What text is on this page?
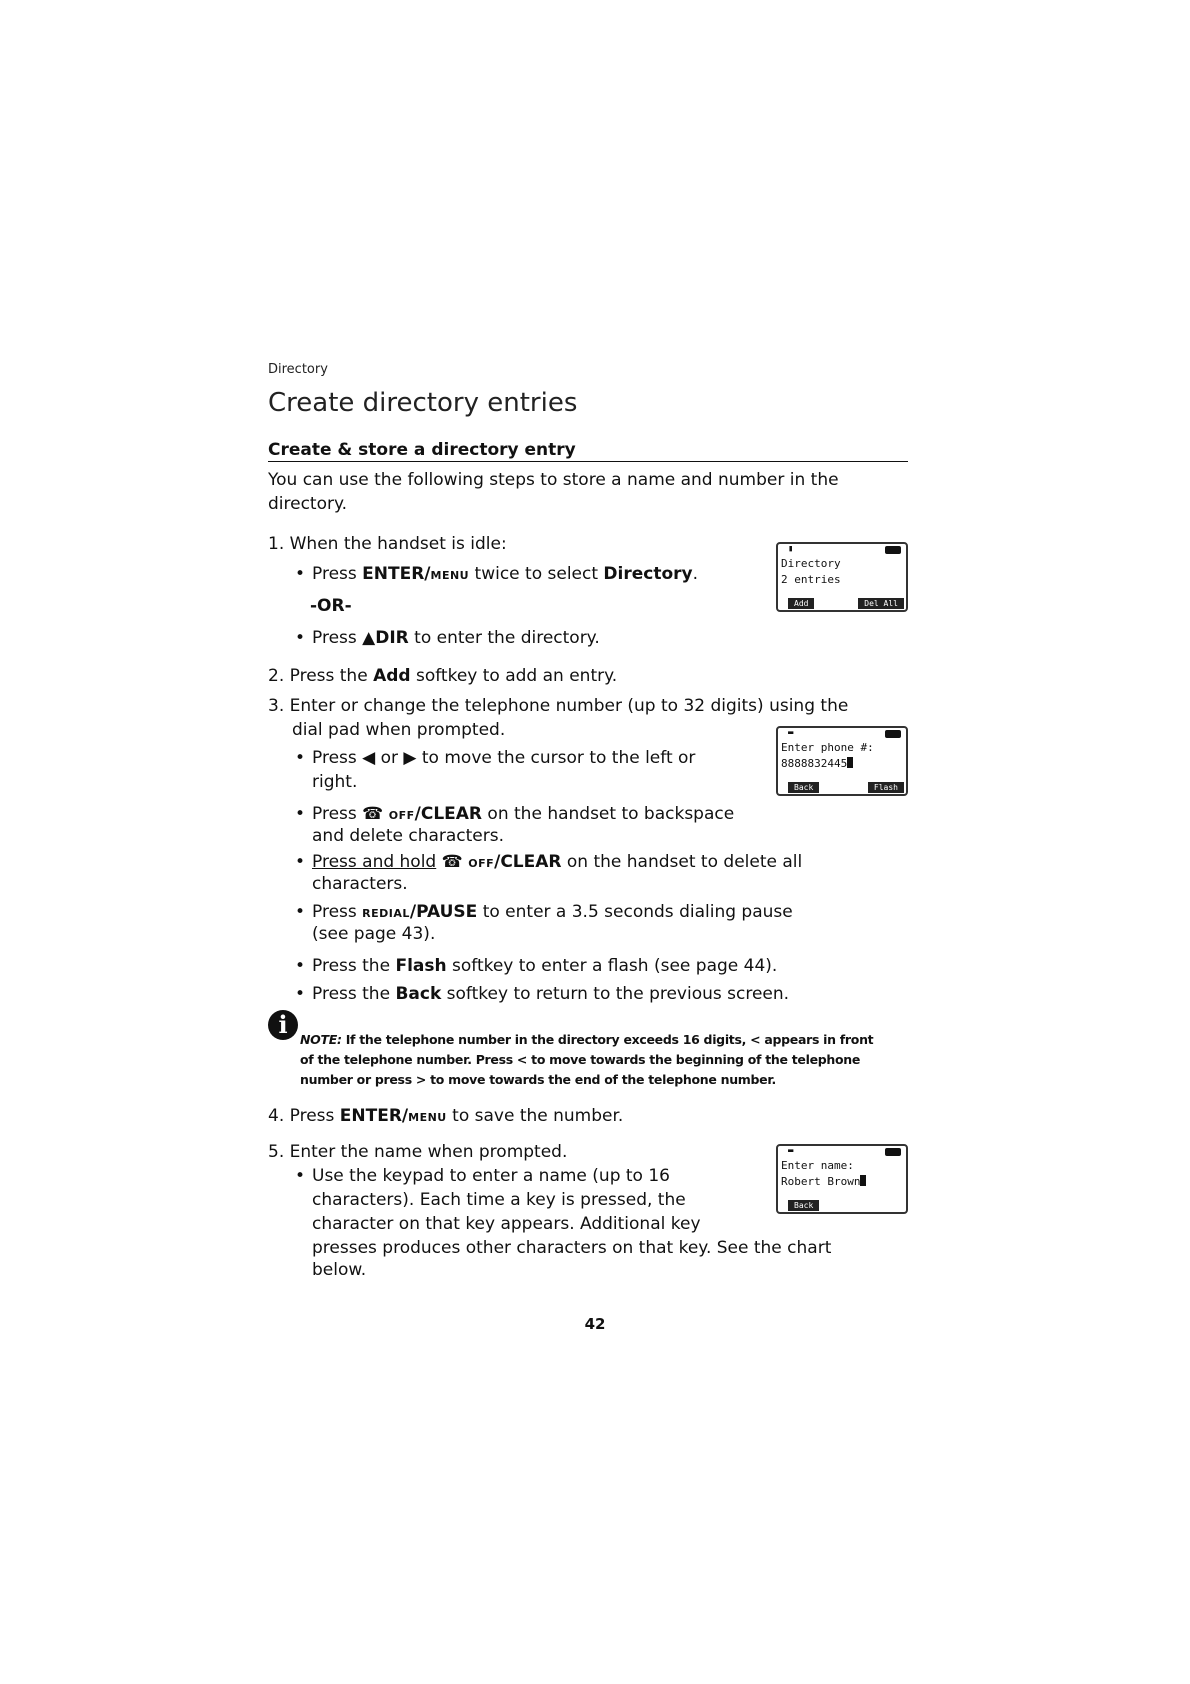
Directory
Create directory entries
Create & store a directory entry
You can use the following steps to store a name and number in the directory.
1. When the handset is idle:
• Press ENTER/MENU twice to select Directory.
-OR-
• Press ▲DIR to enter the directory.
▮
Directory
2 entries
Add	Del All
2. Press the Add softkey to add an entry.
3. Enter or change the telephone number (up to 32 digits) using the
dial pad when prompted.
• Press ◀ or ▶ to move the cursor to the left or
right.
• Press ☎ OFF/CLEAR on the handset to backspace
and delete characters.
• Press and hold ☎ OFF/CLEAR on the handset to delete all
characters.
• Press REDIAL/PAUSE to enter a 3.5 seconds dialing pause
(see page 43).
• Press the Flash softkey to enter a flash (see page 44).
• Press the Back softkey to return to the previous screen.
▬
Enter phone #:
8888832445
Back	Flash
i
NOTE: If the telephone number in the directory exceeds 16 digits, < appears in front
of the telephone number. Press < to move towards the beginning of the telephone
number or press > to move towards the end of the telephone number.
4. Press ENTER/MENU to save the number.
5. Enter the name when prompted.
• Use the keypad to enter a name (up to 16
characters). Each time a key is pressed, the
character on that key appears. Additional key
presses produces other characters on that key. See the chart
below.
▬
Enter name:
Robert Brown
Back
42
